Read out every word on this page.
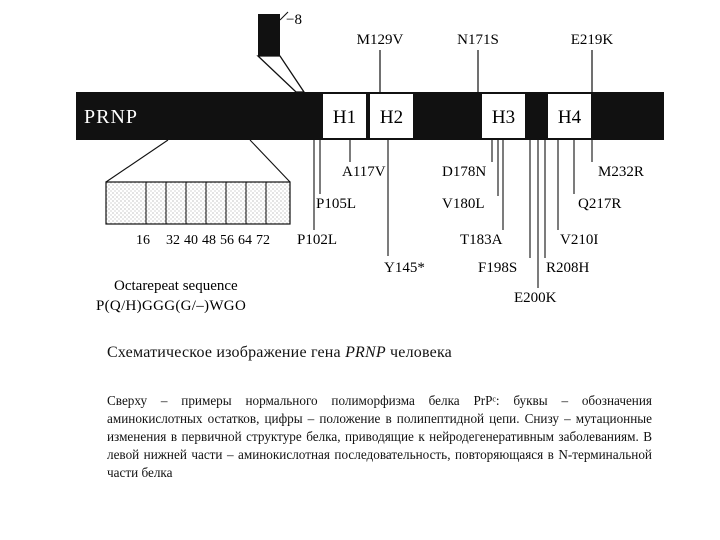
−8
PRNP	H1 H2	H3 H4
M129V	N171S	E219K
A117V
P105L
P102L
Y145*
D178N
V180L
T183A
F198S
E200K
R208H
V210I
Q217R
M232R
16 32 40 48 56 64 72
Octarepeat sequence
P(Q/H)GGG(G/–)WGO
Схематическое изображение гена PRNP человека

Сверху – примеры нормального полиморфизма белка PrPᶜ: буквы – обозначения аминокислотных остатков, цифры – положение в полипептидной цепи. Снизу – мутационные изменения в первичной структуре белка, приводящие к нейродегенеративным заболеваниям. В левой нижней части – аминокислотная последовательность, повторяющаяся в N-терминальной части белка
